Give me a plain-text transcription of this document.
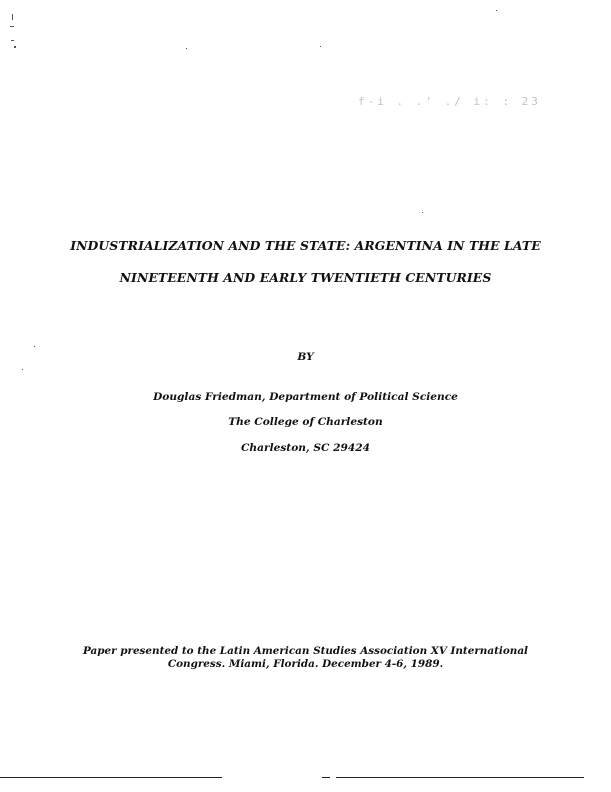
f-i . .' ./ i: : 23
INDUSTRIALIZATION AND THE STATE: ARGENTINA IN THE LATE
NINETEENTH AND EARLY TWENTIETH CENTURIES
BY
Douglas Friedman, Department of Political Science
The College of Charleston
Charleston, SC 29424
Paper presented to the Latin American Studies Association XV International
Congress. Miami, Florida. December 4-6, 1989.
